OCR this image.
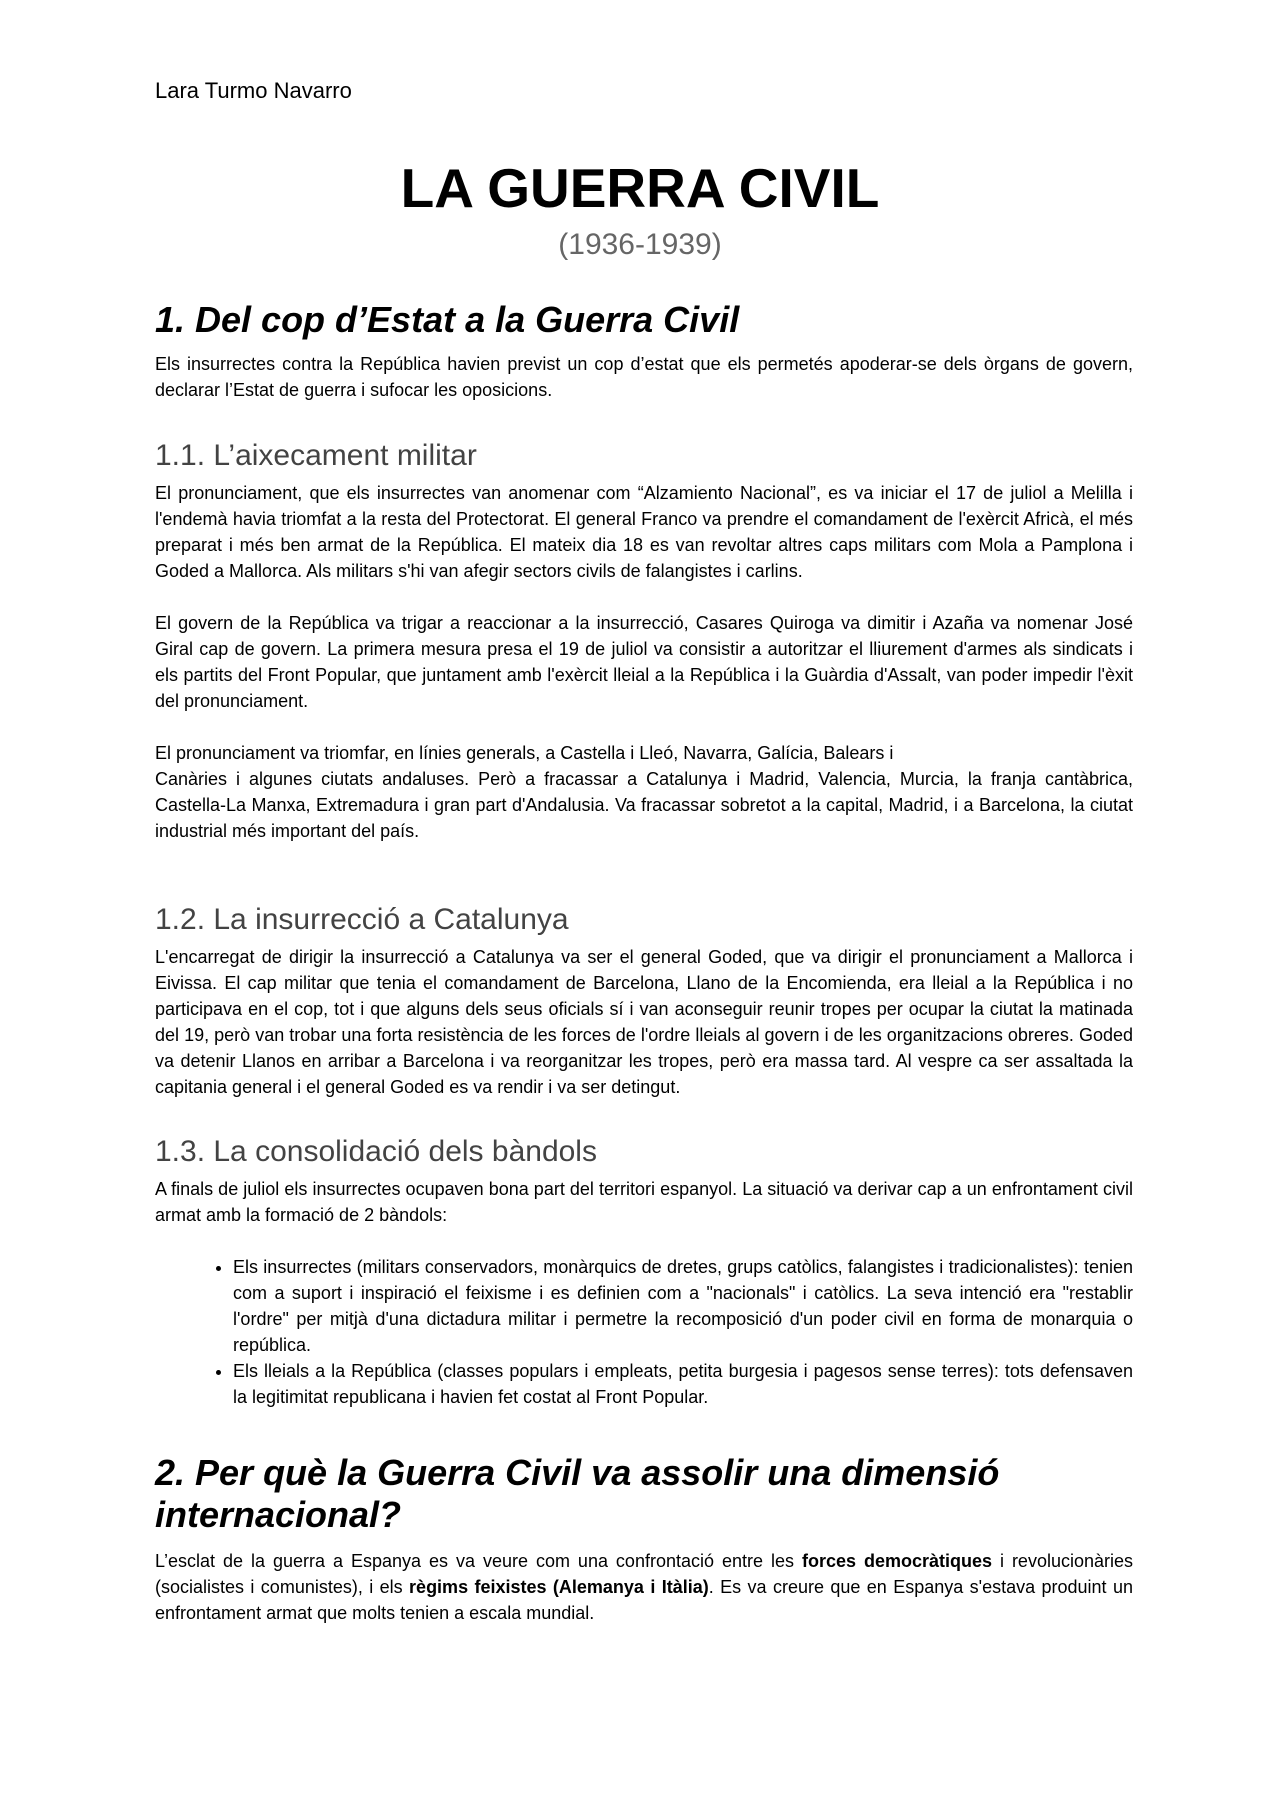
Lara Turmo Navarro
LA GUERRA CIVIL
(1936-1939)
1. Del cop d’Estat a la Guerra Civil

Els insurrectes contra la República havien previst un cop d’estat que els permetés apoderar-se dels òrgans de govern, declarar l’Estat de guerra i sufocar les oposicions.

1.1. L’aixecament militar

El pronunciament, que els insurrectes van anomenar com “Alzamiento Nacional”, es va iniciar el 17 de juliol a Melilla i l'endemà havia triomfat a la resta del Protectorat. El general Franco va prendre el comandament de l'exèrcit Africà, el més preparat i més ben armat de la República. El mateix dia 18 es van revoltar altres caps militars com Mola a Pamplona i Goded a Mallorca. Als militars s'hi van afegir sectors civils de falangistes i carlins.

El govern de la República va trigar a reaccionar a la insurrecció, Casares Quiroga va dimitir i Azaña va nomenar José Giral cap de govern. La primera mesura presa el 19 de juliol va consistir a autoritzar el lliurement d'armes als sindicats i els partits del Front Popular, que juntament amb l'exèrcit lleial a la República i la Guàrdia d'Assalt, van poder impedir l'èxit del pronunciament.

El pronunciament va triomfar, en línies generals, a Castella i Lleó, Navarra, Galícia, Balears i

Canàries i algunes ciutats andaluses. Però a fracassar a Catalunya i Madrid, Valencia, Murcia, la franja cantàbrica, Castella-La Manxa, Extremadura i gran part d'Andalusia. Va fracassar sobretot a la capital, Madrid, i a Barcelona, la ciutat industrial més important del país.

1.2. La insurrecció a Catalunya

L'encarregat de dirigir la insurrecció a Catalunya va ser el general Goded, que va dirigir el pronunciament a Mallorca i Eivissa. El cap militar que tenia el comandament de Barcelona, Llano de la Encomienda, era lleial a la República i no participava en el cop, tot i que alguns dels seus oficials sí i van aconseguir reunir tropes per ocupar la ciutat la matinada del 19, però van trobar una forta resistència de les forces de l'ordre lleials al govern i de les organitzacions obreres. Goded va detenir Llanos en arribar a Barcelona i va reorganitzar les tropes, però era massa tard. Al vespre ca ser assaltada la capitania general i el general Goded es va rendir i va ser detingut.

1.3. La consolidació dels bàndols

A finals de juliol els insurrectes ocupaven bona part del territori espanyol. La situació va derivar cap a un enfrontament civil armat amb la formació de 2 bàndols:

• Els insurrectes (militars conservadors, monàrquics de dretes, grups catòlics, falangistes i tradicionalistes): tenien com a suport i inspiració el feixisme i es definien com a "nacionals" i catòlics. La seva intenció era "restablir l'ordre" per mitjà d'una dictadura militar i permetre la recomposició d'un poder civil en forma de monarquia o república.
• Els lleials a la República (classes populars i empleats, petita burgesia i pagesos sense terres): tots defensaven la legitimitat republicana i havien fet costat al Front Popular.
2. Per què la Guerra Civil va assolir una dimensió internacional?

L’esclat de la guerra a Espanya es va veure com una confrontació entre les forces democràtiques i revolucionàries (socialistes i comunistes), i els règims feixistes (Alemanya i Itàlia). Es va creure que en Espanya s'estava produint un enfrontament armat que molts tenien a escala mundial.
